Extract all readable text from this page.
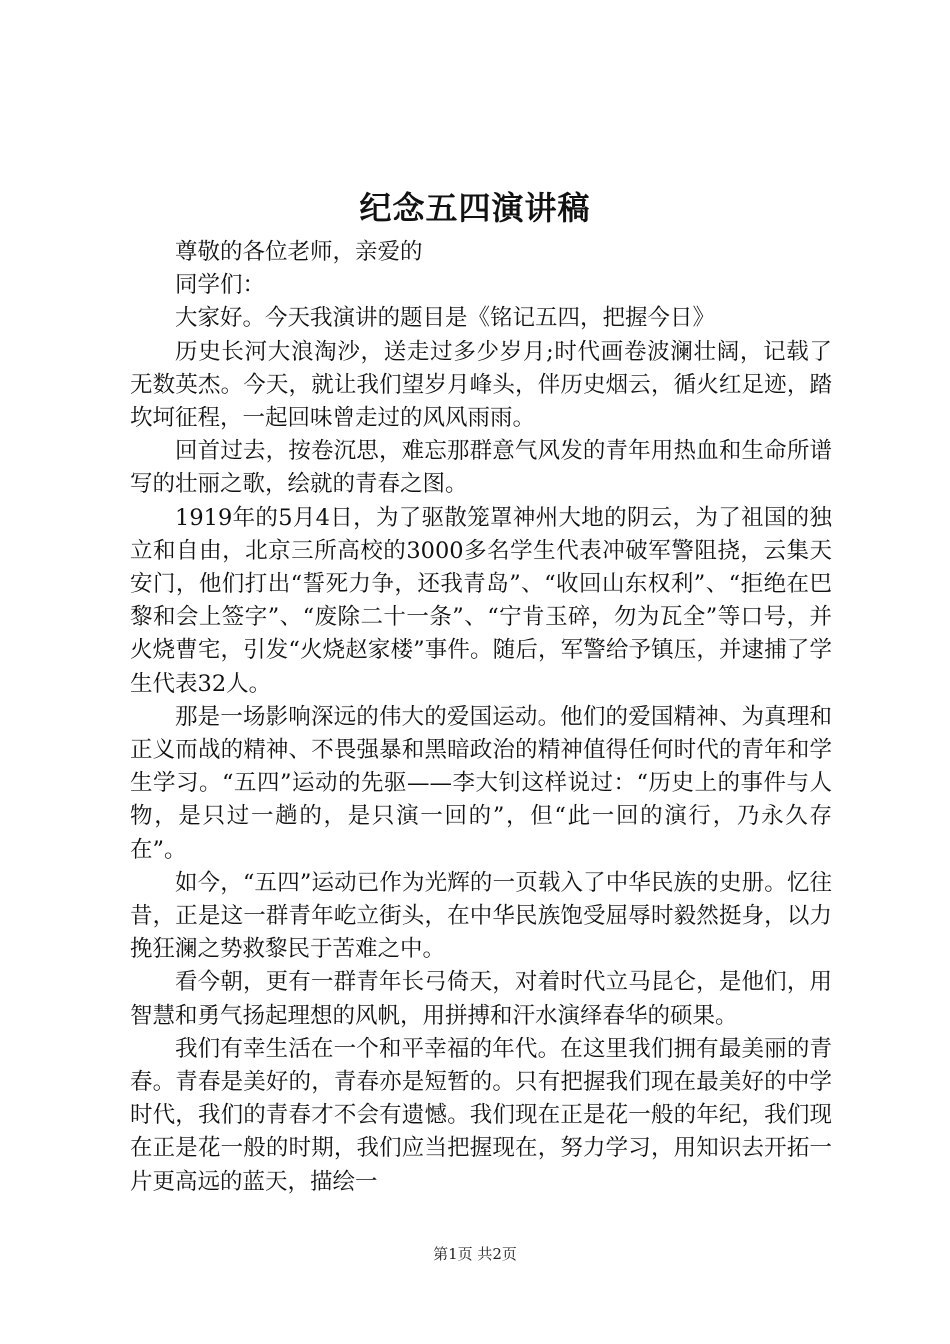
纪念五四演讲稿

尊敬的各位老师，亲爱的

同学们：

大家好。今天我演讲的题目是《铭记五四，把握今日》

历史长河大浪淘沙，送走过多少岁月;时代画卷波澜壮阔，记载了无数英杰。今天，就让我们望岁月峰头，伴历史烟云，循火红足迹，踏坎坷征程，一起回味曾走过的风风雨雨。

回首过去，按卷沉思，难忘那群意气风发的青年用热血和生命所谱写的壮丽之歌，绘就的青春之图。

1919年的5月4日，为了驱散笼罩神州大地的阴云，为了祖国的独立和自由，北京三所高校的3000多名学生代表冲破军警阻挠，云集天安门，他们打出“誓死力争，还我青岛”、“收回山东权利”、“拒绝在巴黎和会上签字”、“废除二十一条”、“宁肯玉碎，勿为瓦全”等口号，并火烧曹宅，引发“火烧赵家楼”事件。随后，军警给予镇压，并逮捕了学生代表32人。

那是一场影响深远的伟大的爱国运动。他们的爱国精神、为真理和正义而战的精神、不畏强暴和黑暗政治的精神值得任何时代的青年和学生学习。“五四”运动的先驱——李大钊这样说过：“历史上的事件与人物，是只过一趟的，是只演一回的”，但“此一回的演行，乃永久存在”。

如今，“五四”运动已作为光辉的一页载入了中华民族的史册。忆往昔，正是这一群青年屹立街头，在中华民族饱受屈辱时毅然挺身，以力挽狂澜之势救黎民于苦难之中。

看今朝，更有一群青年长弓倚天，对着时代立马昆仑，是他们，用智慧和勇气扬起理想的风帆，用拼搏和汗水演绎春华的硕果。

我们有幸生活在一个和平幸福的年代。在这里我们拥有最美丽的青春。青春是美好的，青春亦是短暂的。只有把握我们现在最美好的中学时代，我们的青春才不会有遗憾。我们现在正是花一般的年纪，我们现在正是花一般的时期，我们应当把握现在，努力学习，用知识去开拓一片更高远的蓝天，描绘一

第1页 共2页
